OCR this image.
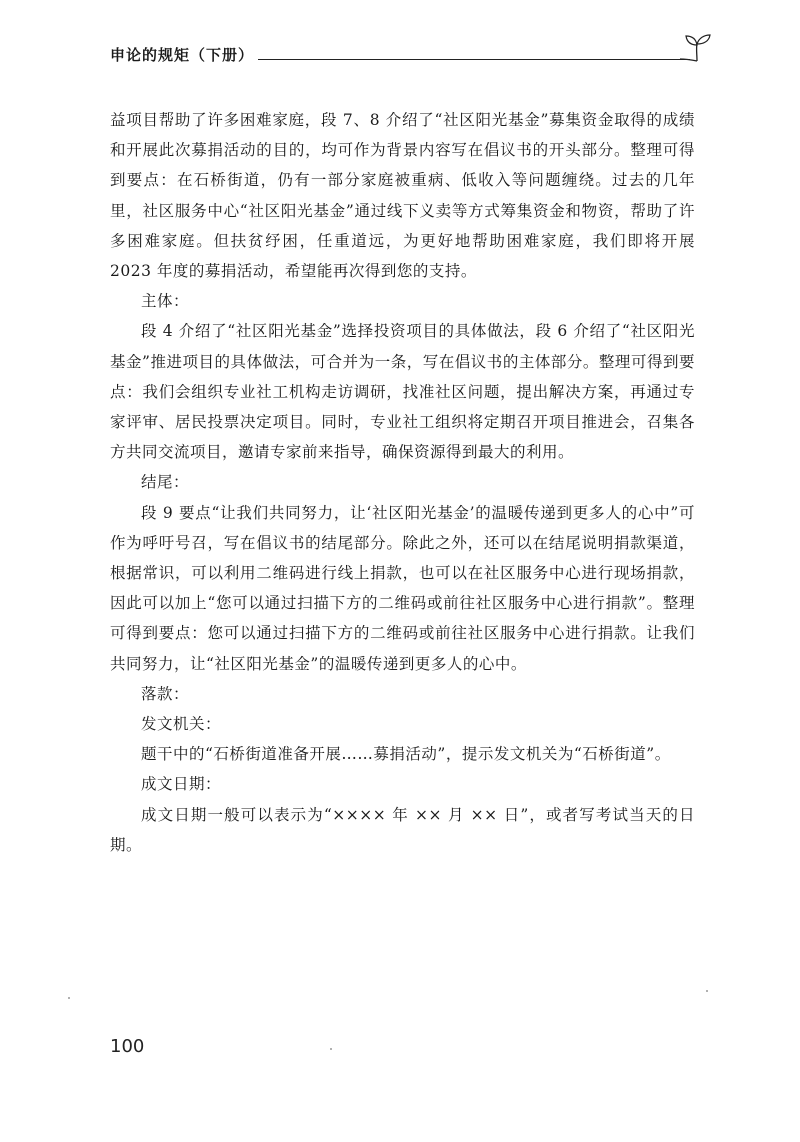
申论的规矩（下册）

益项目帮助了许多困难家庭，段 7、8 介绍了“社区阳光基金”募集资金取得的成绩和开展此次募捐活动的目的，均可作为背景内容写在倡议书的开头部分。整理可得到要点：在石桥街道，仍有一部分家庭被重病、低收入等问题缠绕。过去的几年里，社区服务中心“社区阳光基金”通过线下义卖等方式筹集资金和物资，帮助了许多困难家庭。但扶贫纾困，任重道远，为更好地帮助困难家庭，我们即将开展 2023 年度的募捐活动，希望能再次得到您的支持。

主体：

段 4 介绍了“社区阳光基金”选择投资项目的具体做法，段 6 介绍了“社区阳光基金”推进项目的具体做法，可合并为一条，写在倡议书的主体部分。整理可得到要点：我们会组织专业社工机构走访调研，找准社区问题，提出解决方案，再通过专家评审、居民投票决定项目。同时，专业社工组织将定期召开项目推进会，召集各方共同交流项目，邀请专家前来指导，确保资源得到最大的利用。

结尾：

段 9 要点“让我们共同努力，让‘社区阳光基金’的温暖传递到更多人的心中”可作为呼吁号召，写在倡议书的结尾部分。除此之外，还可以在结尾说明捐款渠道，根据常识，可以利用二维码进行线上捐款，也可以在社区服务中心进行现场捐款，因此可以加上“您可以通过扫描下方的二维码或前往社区服务中心进行捐款”。整理可得到要点：您可以通过扫描下方的二维码或前往社区服务中心进行捐款。让我们共同努力，让“社区阳光基金”的温暖传递到更多人的心中。

落款：

发文机关：

题干中的“石桥街道准备开展……募捐活动”，提示发文机关为“石桥街道”。

成文日期：

成文日期一般可以表示为“×××× 年 ×× 月 ×× 日”，或者写考试当天的日期。

100
